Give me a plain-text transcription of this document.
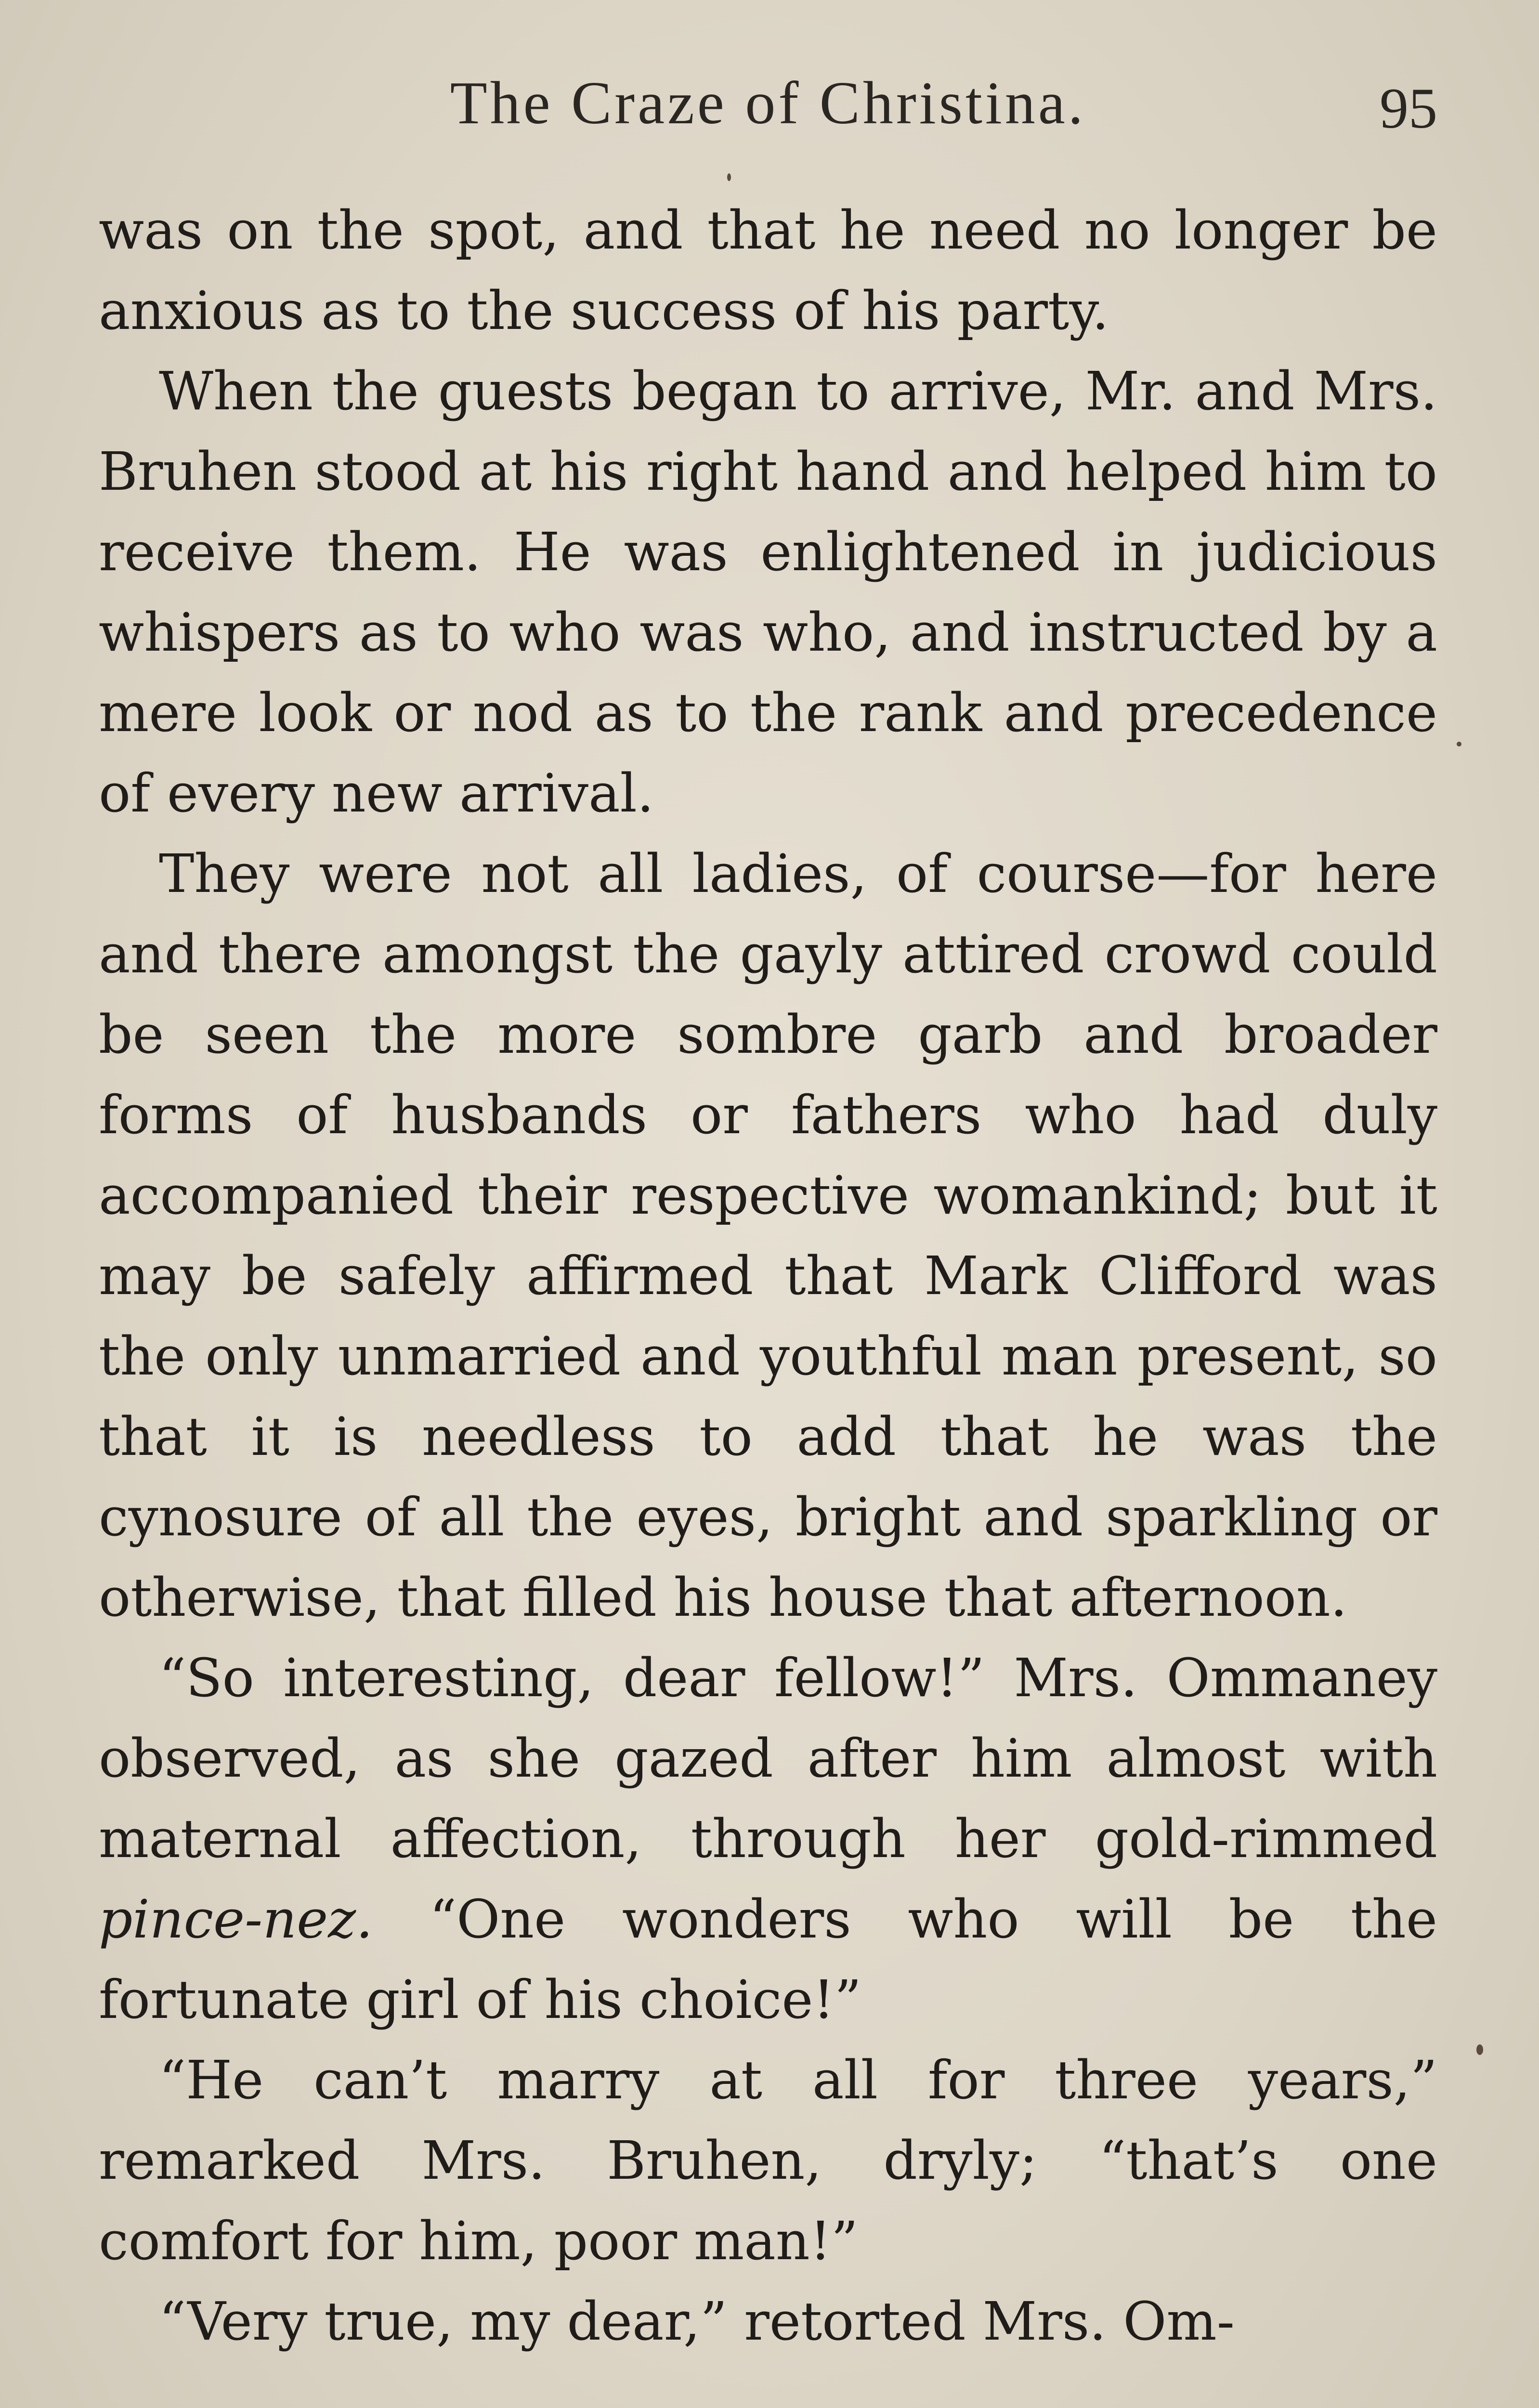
The Craze of Christina.	95

was on the spot, and that he need no longer be anxious as to the success of his party.

When the guests began to arrive, Mr. and Mrs. Bruhen stood at his right hand and helped him to receive them. He was enlightened in judicious whispers as to who was who, and instructed by a mere look or nod as to the rank and precedence of every new arrival.

They were not all ladies, of course—for here and there amongst the gayly attired crowd could be seen the more sombre garb and broader forms of husbands or fathers who had duly accompanied their respective womankind; but it may be safely affirmed that Mark Clifford was the only unmarried and youthful man present, so that it is needless to add that he was the cynosure of all the eyes, bright and sparkling or otherwise, that filled his house that afternoon.

“So interesting, dear fellow!” Mrs. Ommaney observed, as she gazed after him almost with maternal affection, through her gold-rimmed pince-nez. “One wonders who will be the fortunate girl of his choice!”

“He can’t marry at all for three years,” remarked Mrs. Bruhen, dryly; “that’s one comfort for him, poor man!”

“Very true, my dear,” retorted Mrs. Om-
